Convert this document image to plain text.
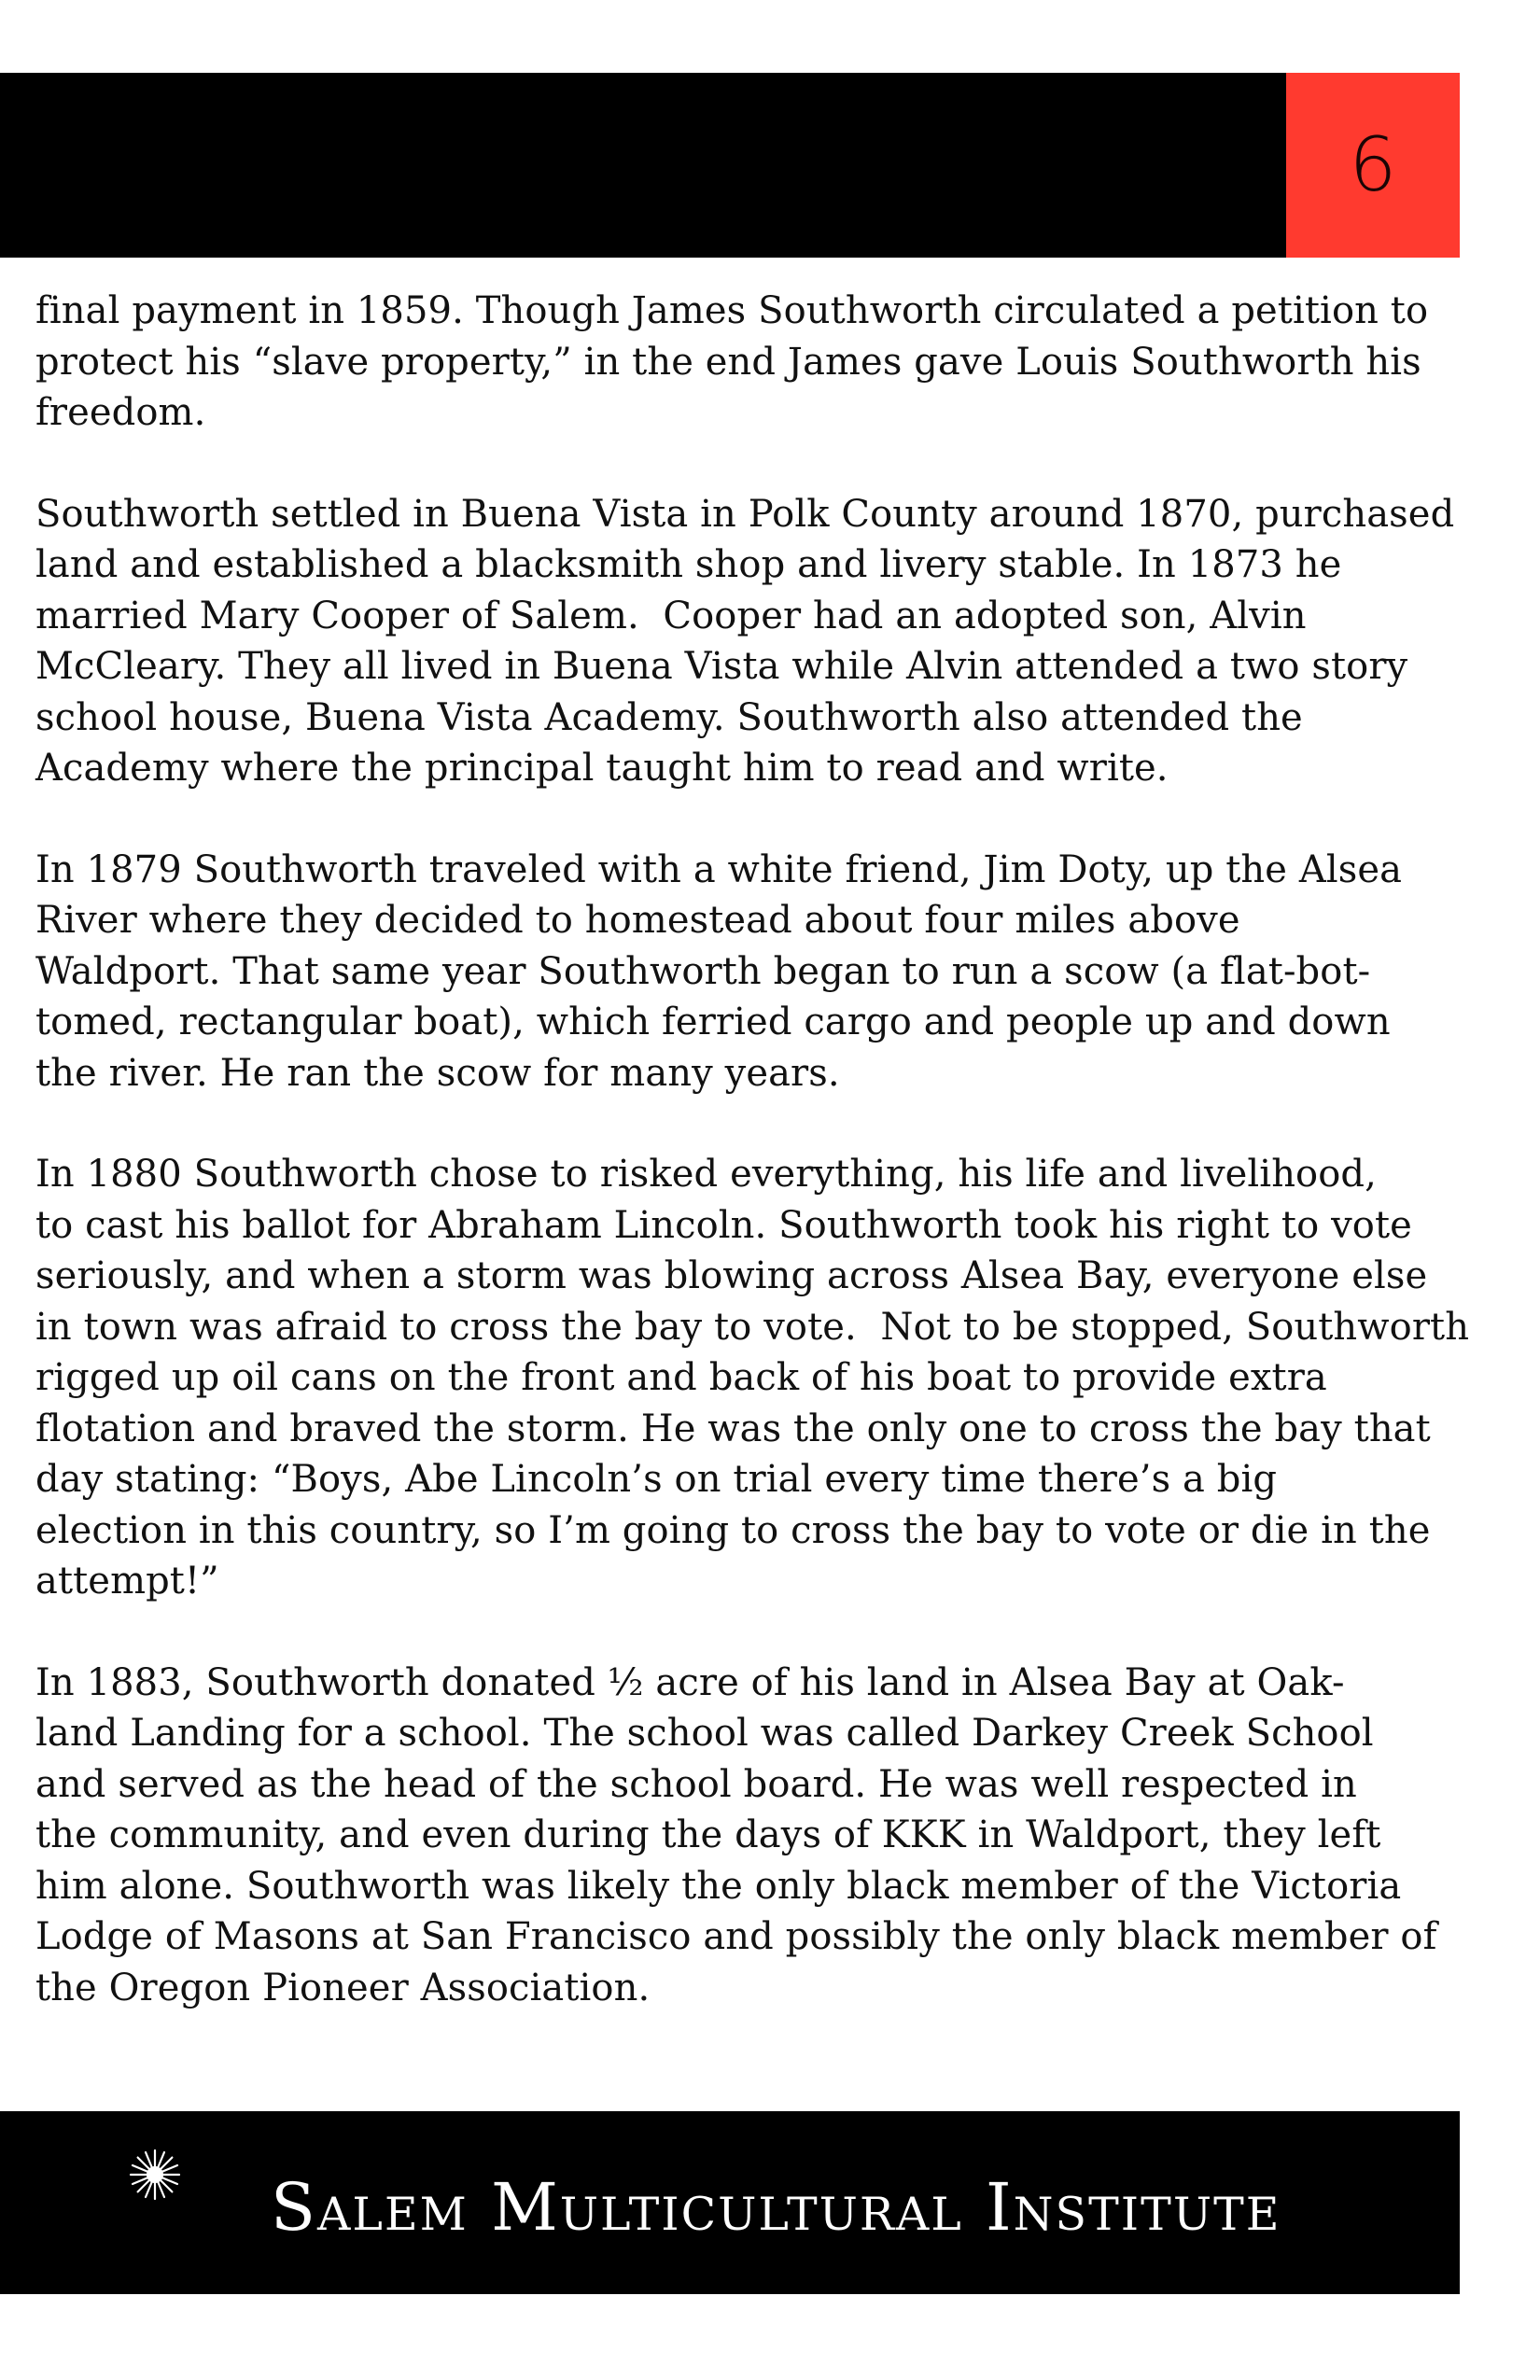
6

final payment in 1859. Though James Southworth circulated a petition to
protect his “slave property,” in the end James gave Louis Southworth his
freedom.

Southworth settled in Buena Vista in Polk County around 1870, purchased
land and established a blacksmith shop and livery stable. In 1873 he
married Mary Cooper of Salem.  Cooper had an adopted son, Alvin
McCleary. They all lived in Buena Vista while Alvin attended a two story
school house, Buena Vista Academy. Southworth also attended the
Academy where the principal taught him to read and write.

In 1879 Southworth traveled with a white friend, Jim Doty, up the Alsea
River where they decided to homestead about four miles above
Waldport. That same year Southworth began to run a scow (a flat-bot-
tomed, rectangular boat), which ferried cargo and people up and down
the river. He ran the scow for many years.

In 1880 Southworth chose to risked everything, his life and livelihood,
to cast his ballot for Abraham Lincoln. Southworth took his right to vote
seriously, and when a storm was blowing across Alsea Bay, everyone else
in town was afraid to cross the bay to vote.  Not to be stopped, Southworth
rigged up oil cans on the front and back of his boat to provide extra
flotation and braved the storm. He was the only one to cross the bay that
day stating: “Boys, Abe Lincoln’s on trial every time there’s a big
election in this country, so I’m going to cross the bay to vote or die in the
attempt!”

In 1883, Southworth donated ½ acre of his land in Alsea Bay at Oak-
land Landing for a school. The school was called Darkey Creek School
and served as the head of the school board. He was well respected in
the community, and even during the days of KKK in Waldport, they left
him alone. Southworth was likely the only black member of the Victoria
Lodge of Masons at San Francisco and possibly the only black member of
the Oregon Pioneer Association.

Salem Multicultural Institute
